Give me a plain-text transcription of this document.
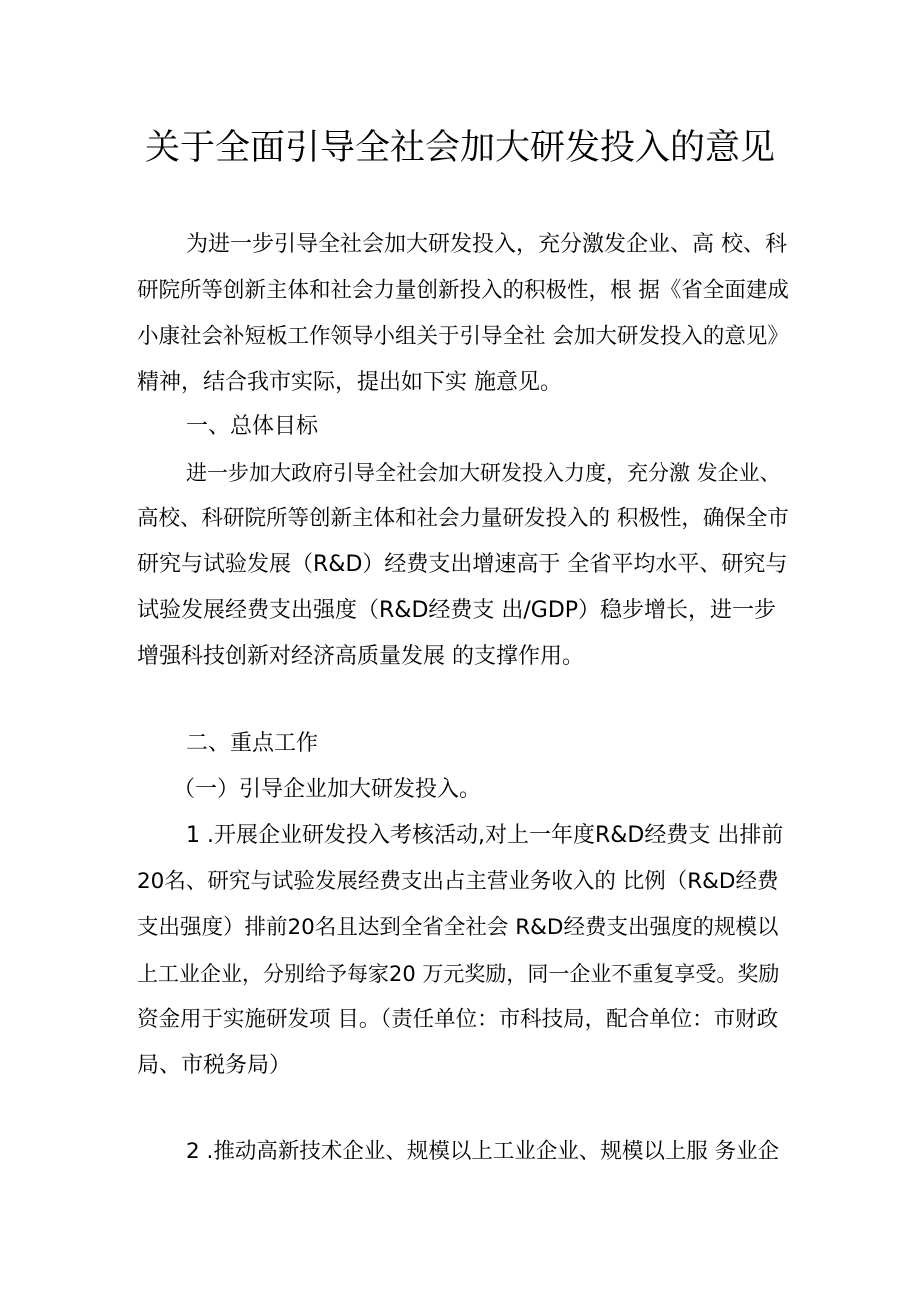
关于全面引导全社会加大研发投入的意见
为进一步引导全社会加大研发投入，充分激发企业、高 校、科
研院所等创新主体和社会力量创新投入的积极性，根 据《省全面建成
小康社会补短板工作领导小组关于引导全社 会加大研发投入的意见》
精神，结合我市实际，提出如下实 施意见。
一、总体目标
进一步加大政府引导全社会加大研发投入力度，充分激 发企业、
高校、科研院所等创新主体和社会力量研发投入的 积极性，确保全市
研究与试验发展（R&D）经费支出增速高于 全省平均水平、研究与
试验发展经费支出强度（R&D经费支 出/GDP）稳步增长，进一步
增强科技创新对经济高质量发展 的支撑作用。
二、重点工作
（一）引导企业加大研发投入。
1 .开展企业研发投入考核活动,对上一年度R&D经费支 出排前
20名、研究与试验发展经费支出占主营业务收入的 比例（R&D经费
支出强度）排前20名且达到全省全社会 R&D经费支出强度的规模以
上工业企业，分别给予每家20 万元奖励，同一企业不重复享受。奖励
资金用于实施研发项 目。（责任单位：市科技局，配合单位：市财政
局、市税务局）
2 .推动高新技术企业、规模以上工业企业、规模以上服 务业企
